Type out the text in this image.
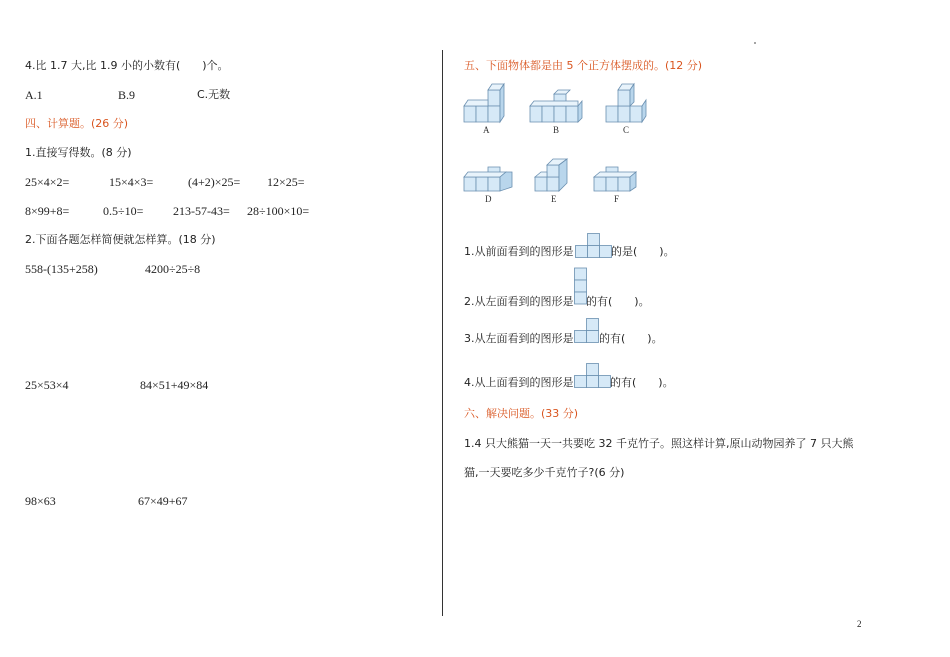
4.比 1.7 大,比 1.9 小的小数有(　　)个。
A.1	B.9	C.无数
四、计算题。(26 分)
1.直接写得数。(8 分)
25×4×2=	15×4×3=	(4+2)×25= 12×25=
8×99+8=	0.5÷10= 213-57-43= 28÷100×10=
2.下面各题怎样简便就怎样算。(18 分)
558-(135+258)	4200÷25÷8
25×53×4	84×51+49×84
98×63	67×49+67
五、下面物体都是由 5 个正方体摆成的。(12 分)
A	B	C
D	E	F
1.从前面看到的图形是	的是(　　)。
2.从左面看到的图形是 的有(　　)。
3.从左面看到的图形是 的有(　　)。
4.从上面看到的图形是	的有(　　)。
六、解决问题。(33 分)
1.4 只大熊猫一天一共要吃 32 千克竹子。照这样计算,原山动物园养了 7 只大熊
猫,一天要吃多少千克竹子?(6 分)
2
